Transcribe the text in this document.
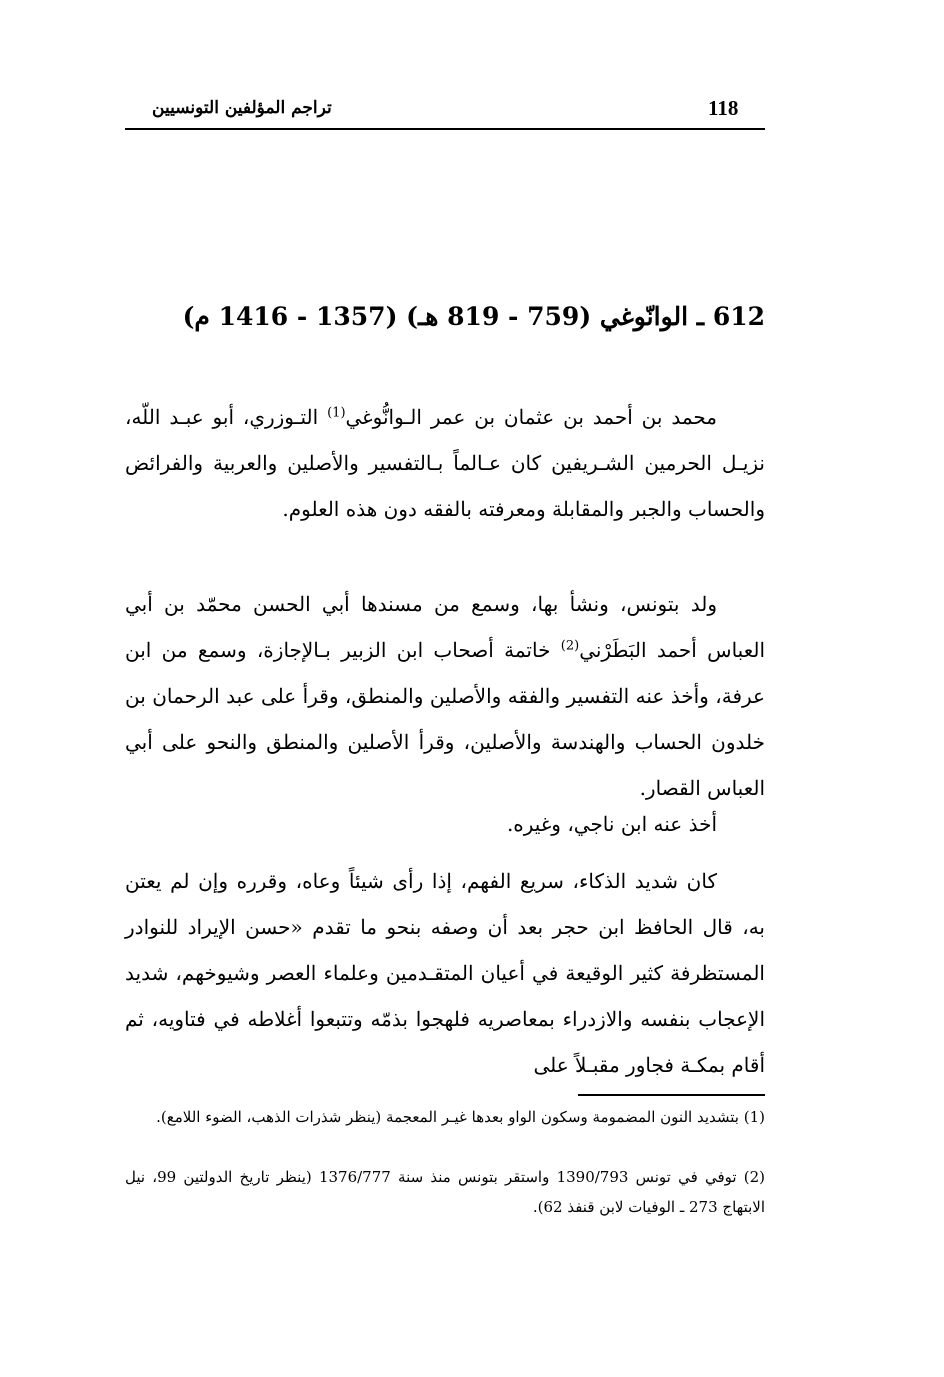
118
تراجم المؤلفين التونسيين
612 ـ الوانّوغي (759 - 819 هـ) (1357 - 1416 م)

محمد بن أحمد بن عثمان بن عمر الـوانُّوغي$^{(1)}$ التـوزري، أبو عبـد اللّه، نزيـل الحرمين الشـريفين كان عـالماً بـالتفسير والأصلين والعربية والفرائض والحساب والجبر والمقابلة ومعرفته بالفقه دون هذه العلوم.

ولد بتونس، ونشأ بها، وسمع من مسندها أبي الحسن محمّد بن أبي العباس أحمد البَطَرْني$^{(2)}$ خاتمة أصحاب ابن الزبير بـالإجازة، وسمع من ابن عرفة، وأخذ عنه التفسير والفقه والأصلين والمنطق، وقرأ على عبد الرحمان بن خلدون الحساب والهندسة والأصلين، وقرأ الأصلين والمنطق والنحو على أبي العباس القصار.

أخذ عنه ابن ناجي، وغيره.

كان شديد الذكاء، سريع الفهم، إذا رأى شيئاً وعاه، وقرره وإن لم يعتن به، قال الحافظ ابن حجر بعد أن وصفه بنحو ما تقدم «حسن الإيراد للنوادر المستظرفة كثير الوقيعة في أعيان المتقـدمين وعلماء العصر وشيوخهم، شديد الإعجاب بنفسه والازدراء بمعاصريه فلهجوا بذمّه وتتبعوا أغلاطه في فتاويه، ثم أقام بمكـة فجاور مقبـلاً على

(1) بتشديد النون المضمومة وسكون الواو بعدها غيـر المعجمة (ينظر شذرات الذهب، الضوء اللامع).

(2) توفي في تونس 1390/793 واستقر بتونس منذ سنة 1376/777 (ينظر تاريخ الدولتين 99، نيل الابتهاج 273 ـ الوفيات لابن قنفذ 62).
